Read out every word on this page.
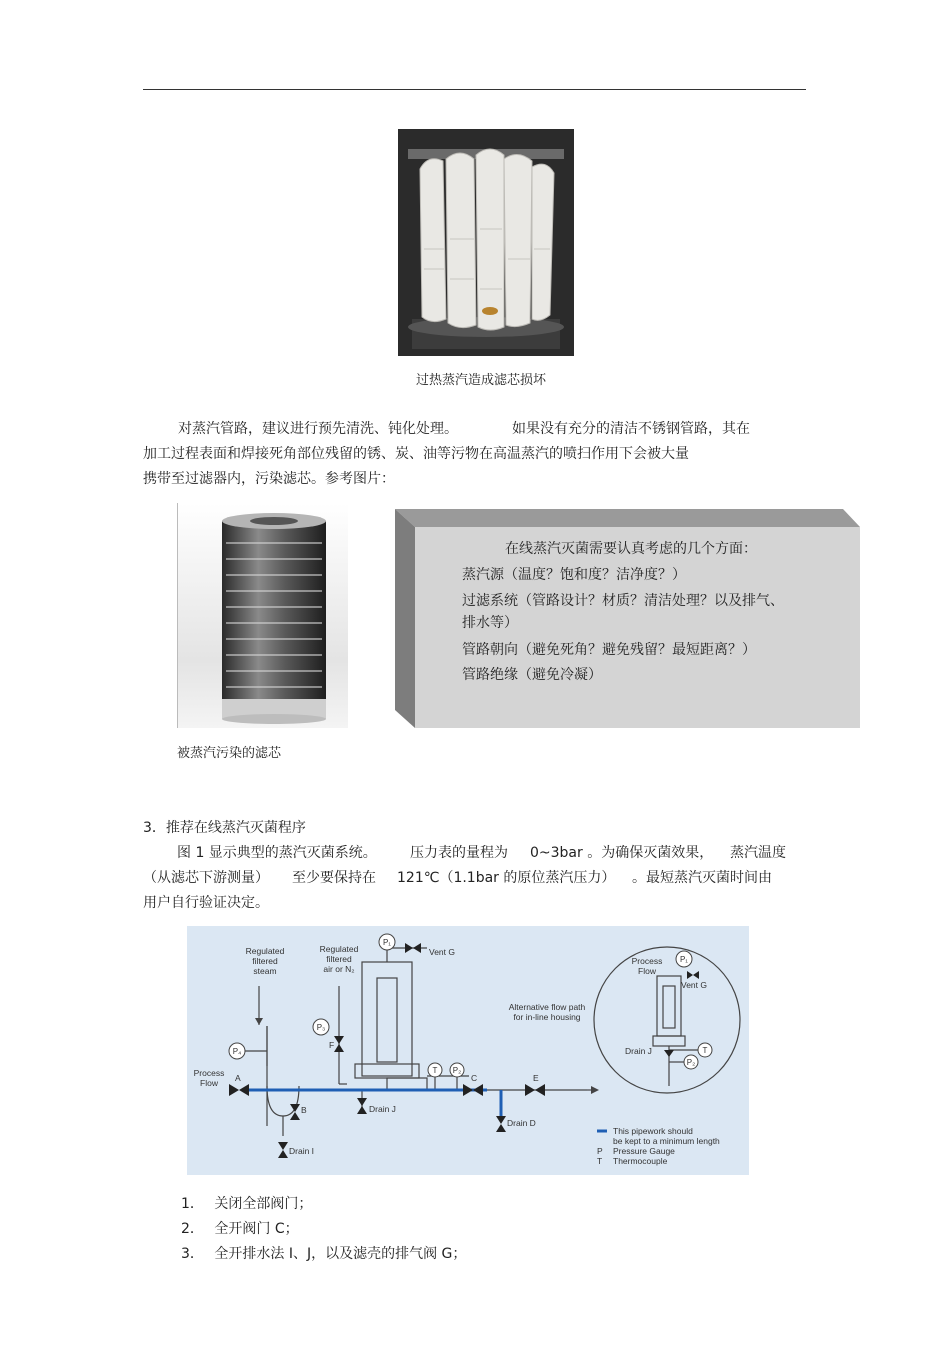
过热蒸汽造成滤芯损坏
对蒸汽管路，建议进行预先清洗、钝化处理。	如果没有充分的清洁不锈钢管路，其在
加工过程表面和焊接死角部位残留的锈、炭、油等污物在高温蒸汽的喷扫作用下会被大量
携带至过滤器内，污染滤芯。参考图片：
被蒸汽污染的滤芯
在线蒸汽灭菌需要认真考虑的几个方面：
蒸汽源（温度？饱和度？洁净度？）
过滤系统（管路设计？材质？清洁处理？以及排气、
排水等）
管路朝向（避免死角？避免残留？最短距离？）
管路绝缘（避免冷凝）
3．推荐在线蒸汽灭菌程序
图 1 显示典型的蒸汽灭菌系统。 压力表的量程为 0~3bar 。为确保灭菌效果， 蒸汽温度
（从滤芯下游测量） 至少要保持在 121℃（1.1bar 的原位蒸汽压力） 。最短蒸汽灭菌时间由
用户自行验证决定。
P₁
P₃
P₄
T P₂
P₁
T
P₂
Regulated
filtered
steam
Regulated
filtered
air or N₂
Process
Flow
Alternative flow path
for in-line housing
Process
Flow
Vent G
A
B
C	E
F
Drain I
Drain J
Drain D
Vent G
Drain J
This pipework should
be kept to a minimum length
P Pressure Gauge
T Thermocouple
1． 关闭全部阀门；
2． 全开阀门 C；
3． 全开排水法 I、J，以及滤壳的排气阀 G；
